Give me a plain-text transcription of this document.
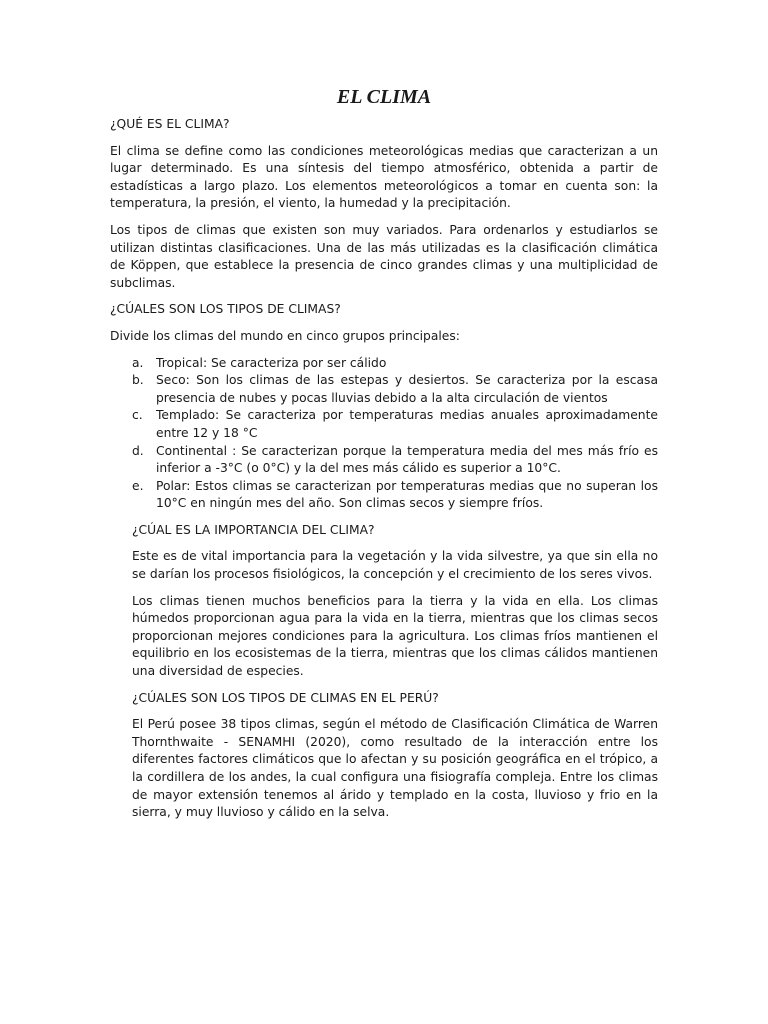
EL CLIMA

¿QUÉ ES EL CLIMA?

El clima se define como las condiciones meteorológicas medias que caracterizan a un lugar determinado. Es una síntesis del tiempo atmosférico, obtenida a partir de estadísticas a largo plazo. Los elementos meteorológicos a tomar en cuenta son: la temperatura, la presión, el viento, la humedad y la precipitación.

Los tipos de climas que existen son muy variados. Para ordenarlos y estudiarlos se utilizan distintas clasificaciones. Una de las más utilizadas es la clasificación climática de Köppen, que establece la presencia de cinco grandes climas y una multiplicidad de subclimas.

¿CÚALES SON LOS TIPOS DE CLIMAS?

Divide los climas del mundo en cinco grupos principales:

a. Tropical: Se caracteriza por ser cálido
b. Seco: Son los climas de las estepas y desiertos. Se caracteriza por la escasa presencia de nubes y pocas lluvias debido a la alta circulación de vientos
c. Templado: Se caracteriza por temperaturas medias anuales aproximadamente entre 12 y 18 °C
d. Continental : Se caracterizan porque la temperatura media del mes más frío es inferior a -3°C (o 0°C) y la del mes más cálido es superior a 10°C.
e. Polar: Estos climas se caracterizan por temperaturas medias que no superan los 10°C en ningún mes del año. Son climas secos y siempre fríos.

¿CÚAL ES LA IMPORTANCIA DEL CLIMA?

Este es de vital importancia para la vegetación y la vida silvestre, ya que sin ella no se darían los procesos fisiológicos, la concepción y el crecimiento de los seres vivos.

Los climas tienen muchos beneficios para la tierra y la vida en ella. Los climas húmedos proporcionan agua para la vida en la tierra, mientras que los climas secos proporcionan mejores condiciones para la agricultura. Los climas fríos mantienen el equilibrio en los ecosistemas de la tierra, mientras que los climas cálidos mantienen una diversidad de especies.

¿CÚALES SON LOS TIPOS DE CLIMAS EN EL PERÚ?

El Perú posee 38 tipos climas, según el método de Clasificación Climática de Warren Thornthwaite - SENAMHI (2020), como resultado de la interacción entre los diferentes factores climáticos que lo afectan y su posición geográfica en el trópico, a la cordillera de los andes, la cual configura una fisiografía compleja. Entre los climas de mayor extensión tenemos al árido y templado en la costa, lluvioso y frio en la sierra, y muy lluvioso y cálido en la selva.
